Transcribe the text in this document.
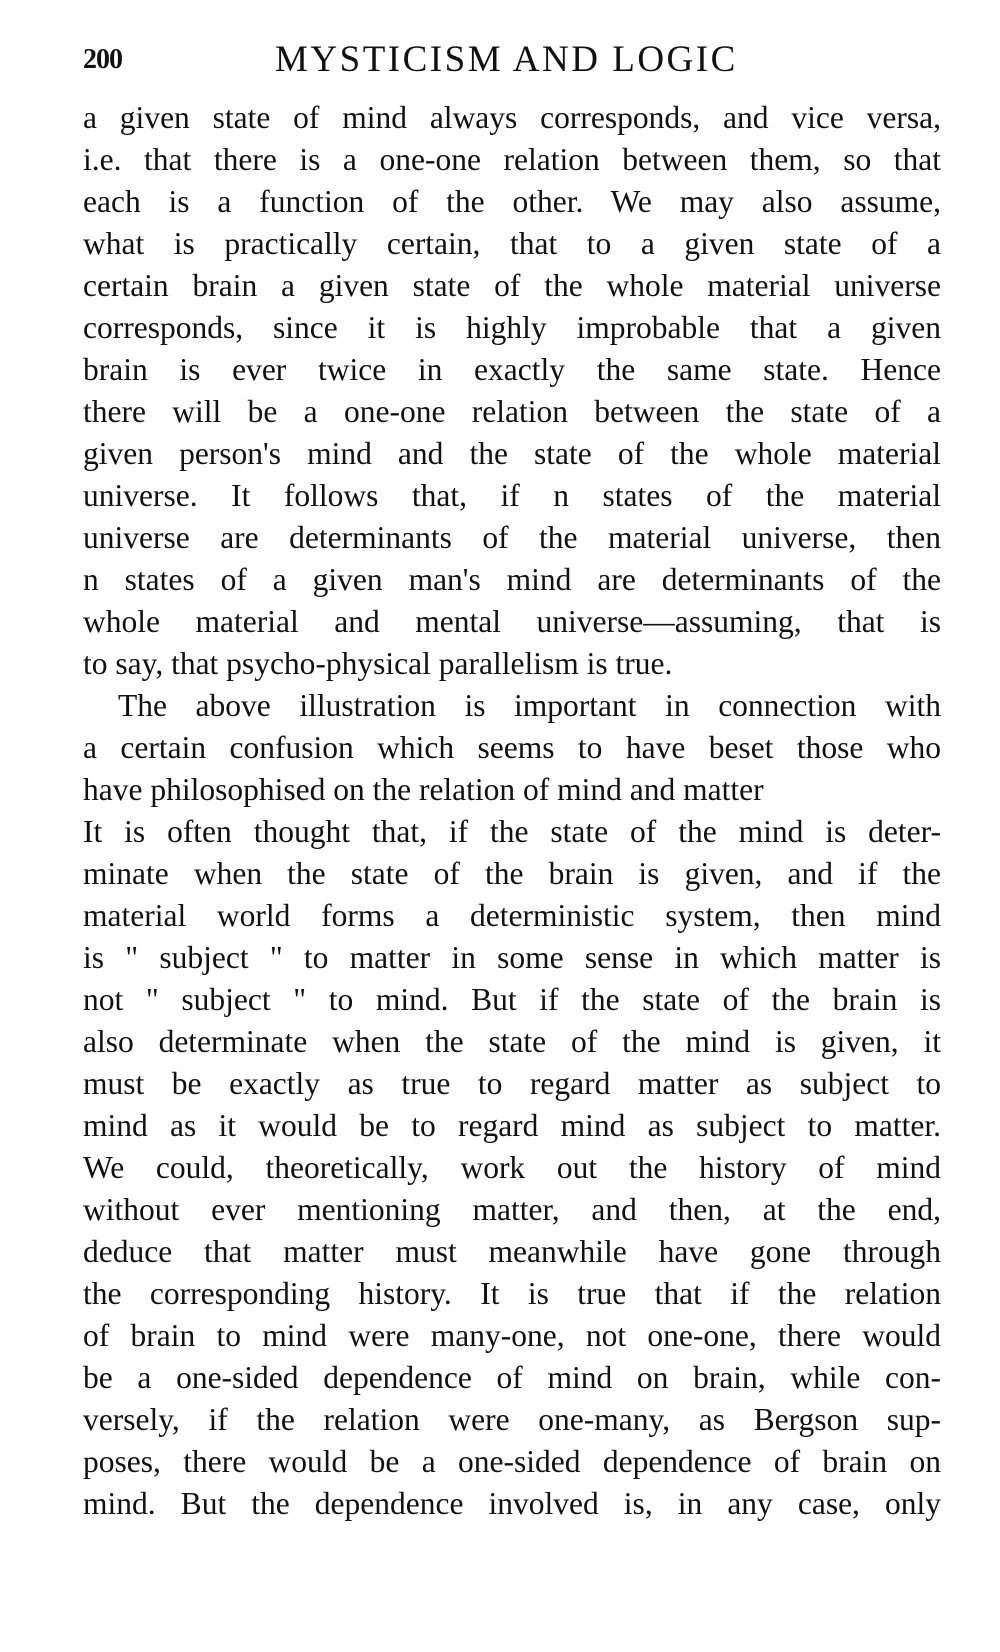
200	MYSTICISM AND LOGIC
a given state of mind always corresponds, and vice versa,
i.e. that there is a one-one relation between them, so that
each is a function of the other. We may also assume,
what is practically certain, that to a given state of a
certain brain a given state of the whole material universe
corresponds, since it is highly improbable that a given
brain is ever twice in exactly the same state. Hence
there will be a one-one relation between the state of a
given person's mind and the state of the whole material
universe. It follows that, if n states of the material
universe are determinants of the material universe, then
n states of a given man's mind are determinants of the
whole material and mental universe—assuming, that is
to say, that psycho-physical parallelism is true.
The above illustration is important in connection with
a certain confusion which seems to have beset those who
have philosophised on the relation of mind and matter
It is often thought that, if the state of the mind is deter-
minate when the state of the brain is given, and if the
material world forms a deterministic system, then mind
is " subject " to matter in some sense in which matter is
not " subject " to mind. But if the state of the brain is
also determinate when the state of the mind is given, it
must be exactly as true to regard matter as subject to
mind as it would be to regard mind as subject to matter.
We could, theoretically, work out the history of mind
without ever mentioning matter, and then, at the end,
deduce that matter must meanwhile have gone through
the corresponding history. It is true that if the relation
of brain to mind were many-one, not one-one, there would
be a one-sided dependence of mind on brain, while con-
versely, if the relation were one-many, as Bergson sup-
poses, there would be a one-sided dependence of brain on
mind. But the dependence involved is, in any case, only
